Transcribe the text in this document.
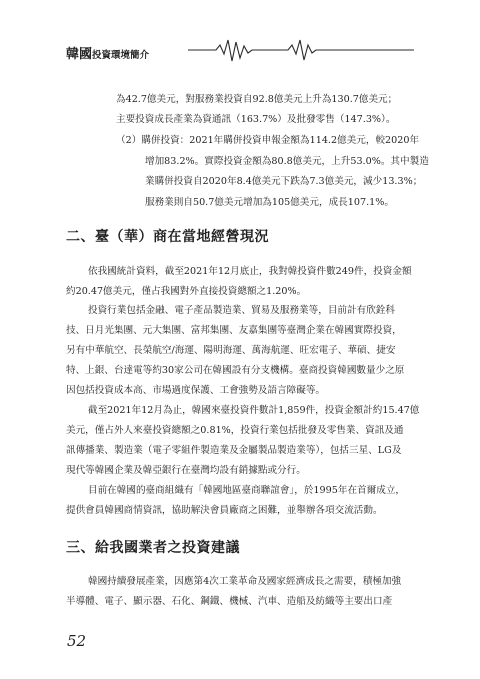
韓國投資環境簡介

為42.7億美元，對服務業投資自92.8億美元上升為130.7億美元；

主要投資成長產業為資通訊（163.7%）及批發零售（147.3%）。

（2）購併投資：2021年購併投資申報金額為114.2億美元，較2020年

增加83.2%。實際投資金額為80.8億美元，上升53.0%。其中製造

業購併投資自2020年8.4億美元下跌為7.3億美元，減少13.3%；

服務業則自50.7億美元增加為105億美元，成長107.1%。

二、臺（華）商在當地經營現況

依我國統計資料，截至2021年12月底止，我對韓投資件數249件，投資金額

約20.47億美元，僅占我國對外直接投資總額之1.20%。

投資行業包括金融、電子產品製造業、貿易及服務業等，目前計有欣銓科

技、日月光集團、元大集團、富邦集團、友嘉集團等臺灣企業在韓國實際投資，

另有中華航空、長榮航空/海運、陽明海運、萬海航運、旺宏電子、華碩、捷安

特、上銀、台達電等約30家公司在韓國設有分支機構。臺商投資韓國數量少之原

因包括投資成本高、市場過度保護、工會強勢及語言障礙等。

截至2021年12月為止，韓國來臺投資件數計1,859件，投資金額計約15.47億

美元，僅占外人來臺投資總額之0.81%，投資行業包括批發及零售業、資訊及通

訊傳播業、製造業（電子零組件製造業及金屬製品製造業等），包括三星、LG及

現代等韓國企業及韓亞銀行在臺灣均設有銷據點或分行。

目前在韓國的臺商組織有「韓國地區臺商聯誼會」，於1995年在首爾成立，

提供會員韓國商情資訊，協助解決會員廠商之困難，並舉辦各項交流活動。

三、給我國業者之投資建議

韓國持續發展產業，因應第4次工業革命及國家經濟成長之需要，積極加強

半導體、電子、顯示器、石化、鋼鐵、機械、汽車、造船及紡織等主要出口產

52
